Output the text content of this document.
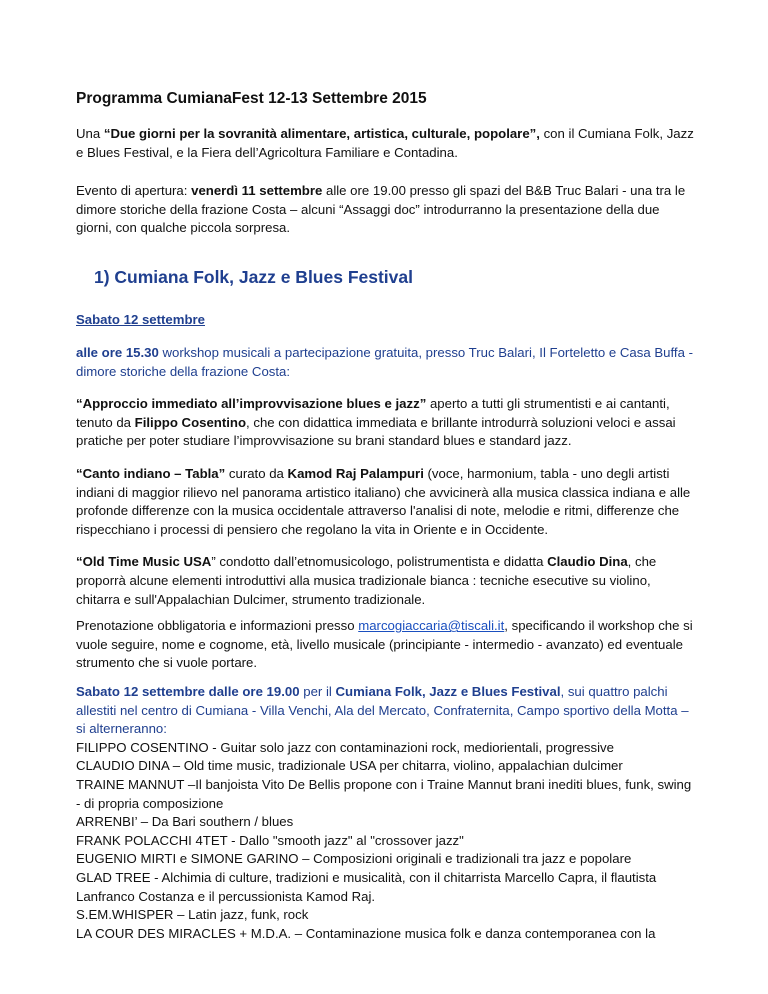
Programma CumianaFest 12-13 Settembre 2015

Una “Due giorni per la sovranità alimentare, artistica, culturale, popolare”, con il Cumiana Folk, Jazz e Blues Festival, e la Fiera dell’Agricoltura Familiare e Contadina.

Evento di apertura: venerdì 11 settembre alle ore 19.00 presso gli spazi del B&B Truc Balari - una tra le dimore storiche della frazione Costa – alcuni “Assaggi doc” introdurranno la presentazione della due giorni, con qualche piccola sorpresa.

1) Cumiana Folk, Jazz e Blues Festival
Sabato 12 settembre

alle ore 15.30 workshop musicali a partecipazione gratuita, presso Truc Balari, Il Forteletto e Casa Buffa - dimore storiche della frazione Costa:

“Approccio immediato all’improvvisazione blues e jazz” aperto a tutti gli strumentisti e ai cantanti, tenuto da Filippo Cosentino, che con didattica immediata e brillante introdurrà soluzioni veloci e assai pratiche per poter studiare l’improvvisazione su brani standard blues e standard jazz.

“Canto indiano – Tabla” curato da Kamod Raj Palampuri (voce, harmonium, tabla - uno degli artisti indiani di maggior rilievo nel panorama artistico italiano) che avvicinerà alla musica classica indiana e alle profonde differenze con la musica occidentale attraverso l'analisi di note, melodie e ritmi, differenze che rispecchiano i processi di pensiero che regolano la vita in Oriente e in Occidente.

“Old Time Music USA” condotto dall’etnomusicologo, polistrumentista e didatta Claudio Dina, che proporrà alcune elementi introduttivi alla musica tradizionale bianca : tecniche esecutive su violino, chitarra e sull'Appalachian Dulcimer, strumento tradizionale.

Prenotazione obbligatoria e informazioni presso marcogiaccaria@tiscali.it, specificando il workshop che si vuole seguire, nome e cognome, età, livello musicale (principiante - intermedio - avanzato) ed eventuale strumento che si vuole portare.

Sabato 12 settembre dalle ore 19.00 per il Cumiana Folk, Jazz e Blues Festival, sui quattro palchi allestiti nel centro di Cumiana - Villa Venchi, Ala del Mercato, Confraternita, Campo sportivo della Motta – si alterneranno:

FILIPPO COSENTINO - Guitar solo jazz con contaminazioni rock, mediorientali, progressive

CLAUDIO DINA – Old time music, tradizionale USA per chitarra, violino, appalachian dulcimer

TRAINE MANNUT –Il banjoista Vito De Bellis propone con i Traine Mannut brani inediti blues, funk, swing - di propria composizione

ARRENBI’ – Da Bari southern / blues

FRANK POLACCHI 4TET - Dallo "smooth jazz" al "crossover jazz"

EUGENIO MIRTI e SIMONE GARINO – Composizioni originali e tradizionali tra jazz e popolare

GLAD TREE - Alchimia di culture, tradizioni e musicalità, con il chitarrista Marcello Capra, il flautista Lanfranco Costanza e il percussionista Kamod Raj.

S.EM.WHISPER – Latin jazz, funk, rock

LA COUR DES MIRACLES + M.D.A. – Contaminazione musica folk e danza contemporanea con la
